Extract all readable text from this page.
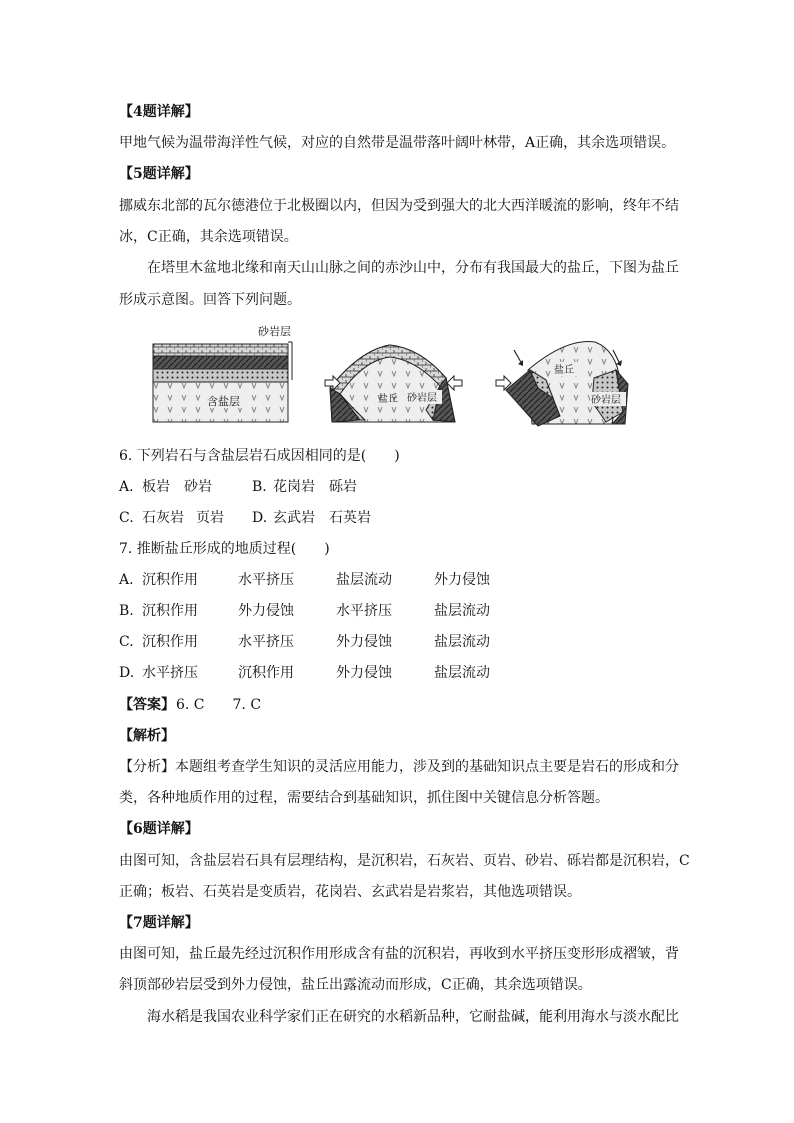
【4题详解】
甲地气候为温带海洋性气候，对应的自然带是温带落叶阔叶林带，A正确，其余选项错误。
【5题详解】
挪威东北部的瓦尔德港位于北极圈以内，但因为受到强大的北大西洋暖流的影响，终年不结
冰，C正确，其余选项错误。
在塔里木盆地北缘和南天山山脉之间的赤沙山中，分布有我国最大的盐丘，下图为盐丘
形成示意图。回答下列问题。
含盐层
砂岩层
盐丘 砂岩层
盐丘
砂岩层
6. 下列岩石与含盐层岩石成因相同的是(　　)
A. 板岩 砂岩	B. 花岗岩 砾岩
C. 石灰岩 页岩 D. 玄武岩 石英岩
7. 推断盐丘形成的地质过程(　　)
A. 沉积作用	水平挤压	盐层流动	外力侵蚀
B. 沉积作用	外力侵蚀	水平挤压	盐层流动
C. 沉积作用	水平挤压	外力侵蚀	盐层流动
D. 水平挤压	沉积作用	外力侵蚀	盐层流动
【答案】 6. C　　7. C
【解析】
【分析】本题组考查学生知识的灵活应用能力，涉及到的基础知识点主要是岩石的形成和分
类，各种地质作用的过程，需要结合到基础知识，抓住图中关键信息分析答题。
【6题详解】
由图可知，含盐层岩石具有层理结构，是沉积岩，石灰岩、页岩、砂岩、砾岩都是沉积岩，C
正确；板岩、石英岩是变质岩，花岗岩、玄武岩是岩浆岩，其他选项错误。
【7题详解】
由图可知，盐丘最先经过沉积作用形成含有盐的沉积岩，再收到水平挤压变形形成褶皱，背
斜顶部砂岩层受到外力侵蚀，盐丘出露流动而形成，C正确，其余选项错误。
海水稻是我国农业科学家们正在研究的水稻新品种，它耐盐碱，能利用海水与淡水配比
